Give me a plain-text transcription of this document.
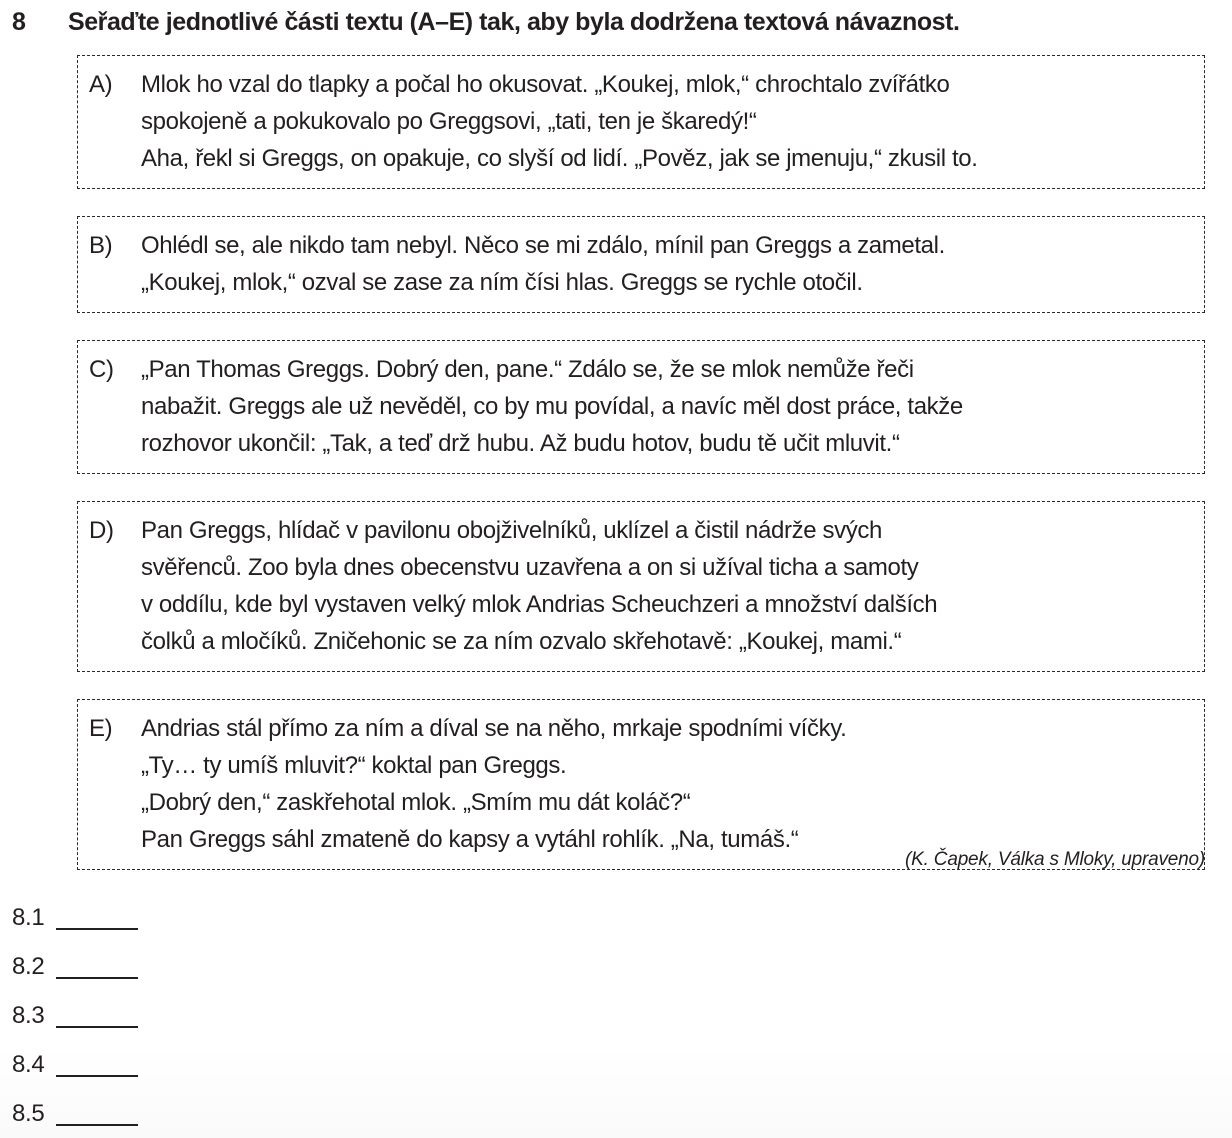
8	Seřaďte jednotlivé části textu (A–E) tak, aby byla dodržena textová návaznost.
A)	Mlok ho vzal do tlapky a počal ho okusovat. „Koukej, mlok,“ chrochtalo zvířátko
spokojeně a pokukovalo po Greggsovi, „tati, ten je škaredý!“
Aha, řekl si Greggs, on opakuje, co slyší od lidí. „Pověz, jak se jmenuju,“ zkusil to.
B)	Ohlédl se, ale nikdo tam nebyl. Něco se mi zdálo, mínil pan Greggs a zametal.
„Koukej, mlok,“ ozval se zase za ním čísi hlas. Greggs se rychle otočil.
C)	„Pan Thomas Greggs. Dobrý den, pane.“ Zdálo se, že se mlok nemůže řeči
nabažit. Greggs ale už nevěděl, co by mu povídal, a navíc měl dost práce, takže
rozhovor ukončil: „Tak, a teď drž hubu. Až budu hotov, budu tě učit mluvit.“
D)	Pan Greggs, hlídač v pavilonu obojživelníků, uklízel a čistil nádrže svých
svěřenců. Zoo byla dnes obecenstvu uzavřena a on si užíval ticha a samoty
v oddílu, kde byl vystaven velký mlok Andrias Scheuchzeri a množství dalších
čolků a mločíků. Zničehonic se za ním ozvalo skřehotavě: „Koukej, mami.“
E)	Andrias stál přímo za ním a díval se na něho, mrkaje spodními víčky.
„Ty… ty umíš mluvit?“ koktal pan Greggs.
„Dobrý den,“ zaskřehotal mlok. „Smím mu dát koláč?“
Pan Greggs sáhl zmateně do kapsy a vytáhl rohlík. „Na, tumáš.“
(K. Čapek, Válka s Mloky, upraveno)
8.1
8.2
8.3
8.4
8.5
